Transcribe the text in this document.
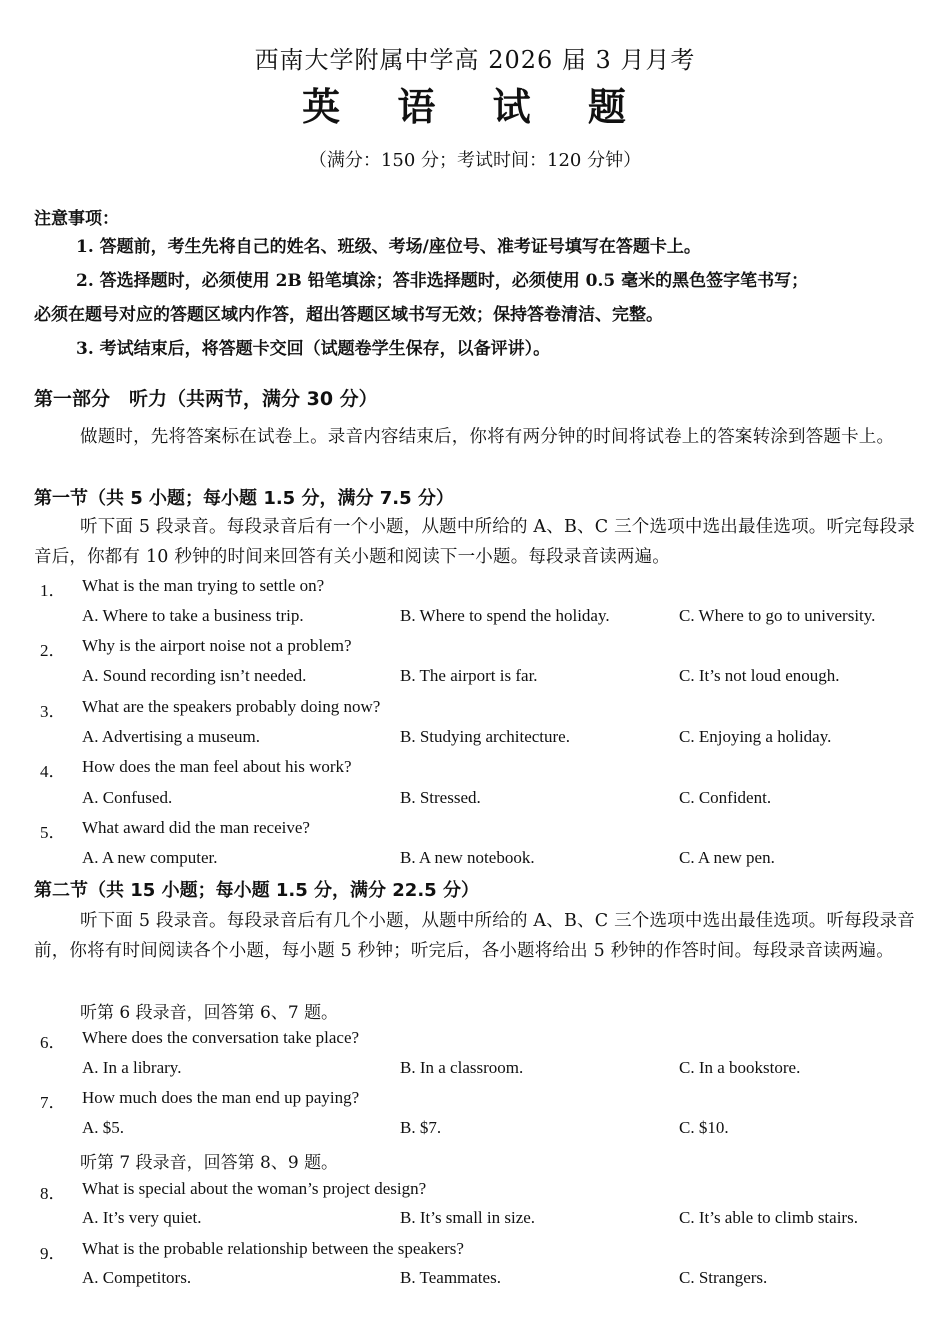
西南大学附属中学高 2026 届 3 月月考
英 语 试 题
（满分：150 分；考试时间：120 分钟）
注意事项：
1. 答题前，考生先将自己的姓名、班级、考场/座位号、准考证号填写在答题卡上。
2. 答选择题时，必须使用 2B 铅笔填涂；答非选择题时，必须使用 0.5 毫米的黑色签字笔书写；
必须在题号对应的答题区域内作答，超出答题区域书写无效；保持答卷清洁、完整。
3. 考试结束后，将答题卡交回（试题卷学生保存，以备评讲）。
第一部分　听力（共两节，满分 30 分）
做题时，先将答案标在试卷上。录音内容结束后，你将有两分钟的时间将试卷上的答案转涂到答题卡上。
第一节（共 5 小题；每小题 1.5 分，满分 7.5 分）
听下面 5 段录音。每段录音后有一个小题，从题中所给的 A、B、C 三个选项中选出最佳选项。听完每段录音后，你都有 10 秒钟的时间来回答有关小题和阅读下一小题。每段录音读两遍。
1． What is the man trying to settle on?
A. Where to take a business trip.	B. Where to spend the holiday.	C. Where to go to university.
2． Why is the airport noise not a problem?
A. Sound recording isn’t needed.	B. The airport is far.	C. It’s not loud enough.
3． What are the speakers probably doing now?
A. Advertising a museum.	B. Studying architecture.	C. Enjoying a holiday.
4． How does the man feel about his work?
A. Confused.	B. Stressed.	C. Confident.
5． What award did the man receive?
A. A new computer.	B. A new notebook.	C. A new pen.
第二节（共 15 小题；每小题 1.5 分，满分 22.5 分）
听下面 5 段录音。每段录音后有几个小题，从题中所给的 A、B、C 三个选项中选出最佳选项。听每段录音前，你将有时间阅读各个小题，每小题 5 秒钟；听完后，各小题将给出 5 秒钟的作答时间。每段录音读两遍。
听第 6 段录音，回答第 6、7 题。
6． Where does the conversation take place?
A. In a library.	B. In a classroom.	C. In a bookstore.
7． How much does the man end up paying?
A. $5.	B. $7.	C. $10.
听第 7 段录音，回答第 8、9 题。
8． What is special about the woman’s project design?
A. It’s very quiet.	B. It’s small in size.	C. It’s able to climb stairs.
9． What is the probable relationship between the speakers?
A. Competitors.	B. Teammates.	C. Strangers.
